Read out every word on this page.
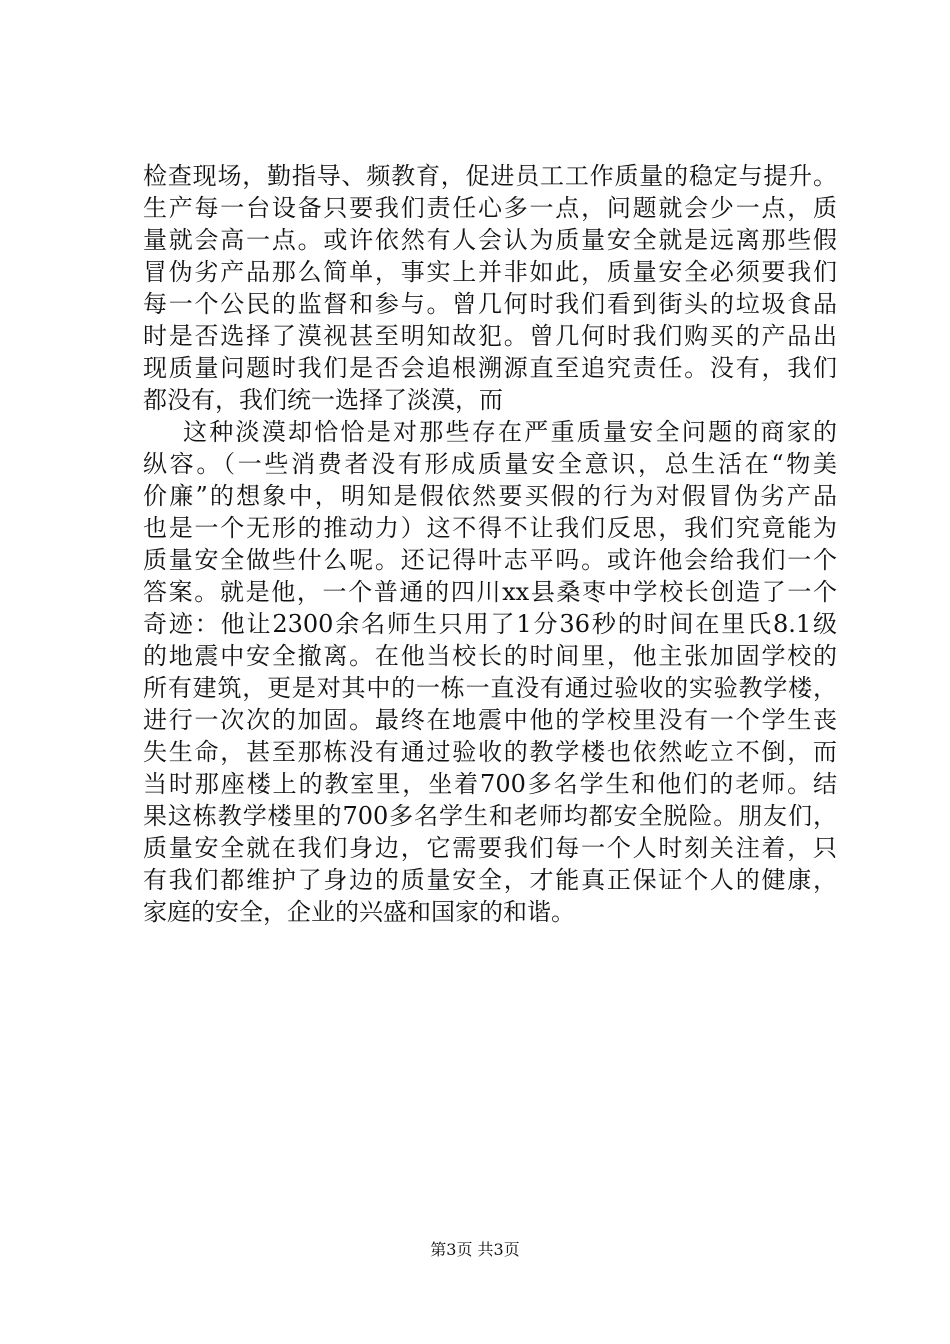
检查现场，勤指导、频教育，促进员工工作质量的稳定与提升。
生产每一台设备只要我们责任心多一点，问题就会少一点，质
量就会高一点。或许依然有人会认为质量安全就是远离那些假
冒伪劣产品那么简单，事实上并非如此，质量安全必须要我们
每一个公民的监督和参与。曾几何时我们看到街头的垃圾食品
时是否选择了漠视甚至明知故犯。曾几何时我们购买的产品出
现质量问题时我们是否会追根溯源直至追究责任。没有，我们
都没有，我们统一选择了淡漠，而
这种淡漠却恰恰是对那些存在严重质量安全问题的商家的
纵容。（一些消费者没有形成质量安全意识，总生活在“物美
价廉”的想象中，明知是假依然要买假的行为对假冒伪劣产品
也是一个无形的推动力）这不得不让我们反思，我们究竟能为
质量安全做些什么呢。还记得叶志平吗。或许他会给我们一个
答案。就是他，一个普通的四川xx县桑枣中学校长创造了一个
奇迹：他让2300余名师生只用了1分36秒的时间在里氏8.1级
的地震中安全撤离。在他当校长的时间里，他主张加固学校的
所有建筑，更是对其中的一栋一直没有通过验收的实验教学楼，
进行一次次的加固。最终在地震中他的学校里没有一个学生丧
失生命，甚至那栋没有通过验收的教学楼也依然屹立不倒，而
当时那座楼上的教室里，坐着700多名学生和他们的老师。结
果这栋教学楼里的700多名学生和老师均都安全脱险。朋友们，
质量安全就在我们身边，它需要我们每一个人时刻关注着，只
有我们都维护了身边的质量安全，才能真正保证个人的健康，
家庭的安全，企业的兴盛和国家的和谐。
第3页 共3页
